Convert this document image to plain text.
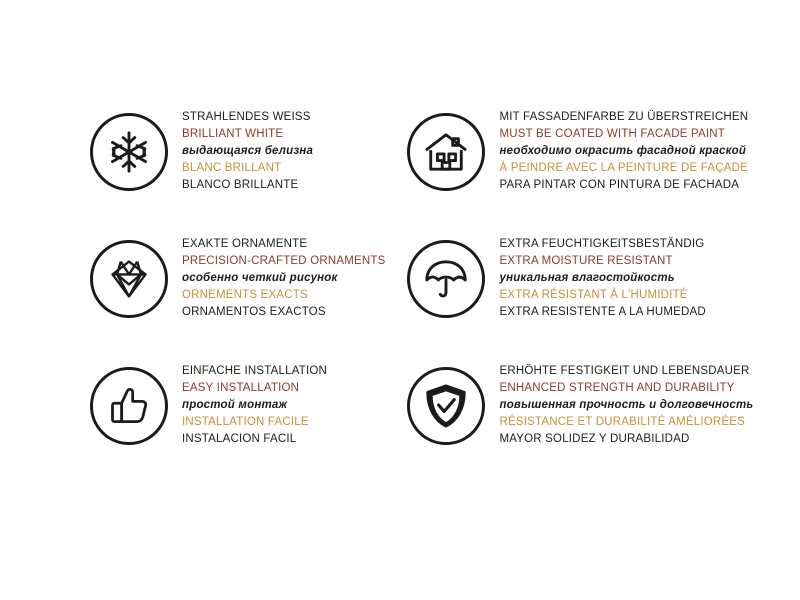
STRAHLENDES WEISS
BRILLIANT WHITE
выдающаяся белизна
BLANC BRILLANT
BLANCO BRILLANTE
MIT FASSADENFARBE ZU ÜBERSTREICHEN
MUST BE COATED WITH FACADE PAINT
необходимо окрасить фасадной краской
À PEINDRE AVEC LA PEINTURE DE FAÇADE
PARA PINTAR CON PINTURA DE FACHADA
EXAKTE ORNAMENTE
PRECISION-CRAFTED ORNAMENTS
особенно четкий рисунок
ORNEMENTS EXACTS
ORNAMENTOS EXACTOS
EXTRA FEUCHTIGKEITSBESTÄNDIG
EXTRA MOISTURE RESISTANT
уникальная влагостойкость
EXTRA RÉSISTANT À L'HUMIDITÉ
EXTRA RESISTENTE A LA HUMEDAD
EINFACHE INSTALLATION
EASY INSTALLATION
простой монтаж
INSTALLATION FACILE
INSTALACION FACIL
ERHÖHTE FESTIGKEIT UND LEBENSDAUER
ENHANCED STRENGTH AND DURABILITY
повышенная прочность и долговечность
RÉSISTANCE ET DURABILITÉ AMÉLIORÉES
MAYOR SOLIDEZ Y DURABILIDAD
